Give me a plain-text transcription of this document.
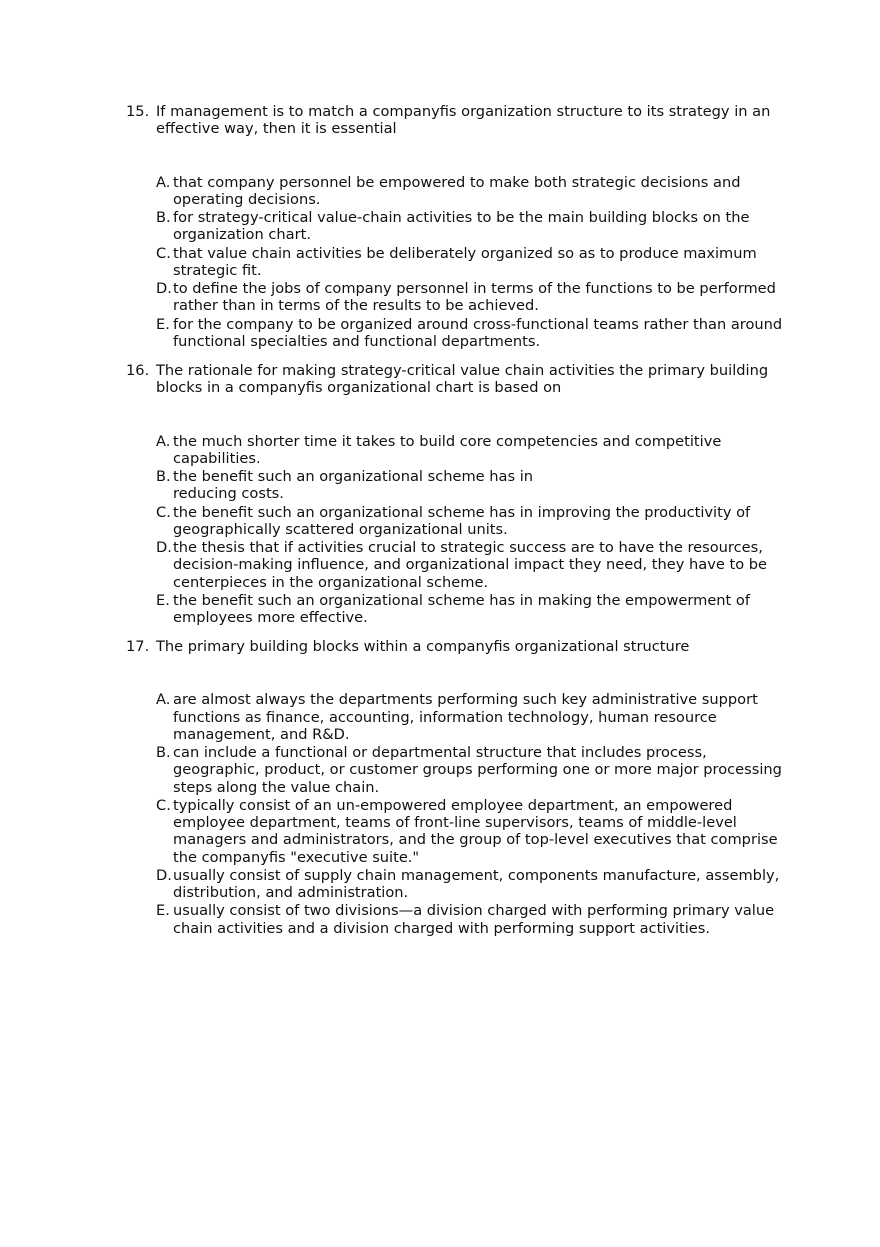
15. If management is to match a companyfis organization structure to its strategy in an effective way, then it is essential
A. that company personnel be empowered to make both strategic decisions and operating decisions.
B. for strategy-critical value-chain activities to be the main building blocks on the organization chart.
C. that value chain activities be deliberately organized so as to produce maximum strategic fit.
D. to define the jobs of company personnel in terms of the functions to be performed rather than in terms of the results to be achieved.
E. for the company to be organized around cross-functional teams rather than around functional specialties and functional departments.
16. The rationale for making strategy-critical value chain activities the primary building blocks in a companyfis organizational chart is based on
A. the much shorter time it takes to build core competencies and competitive capabilities.
B. the benefit such an organizational scheme has in
reducing costs.
C. the benefit such an organizational scheme has in improving the productivity of geographically scattered organizational units.
D. the thesis that if activities crucial to strategic success are to have the resources, decision-making influence, and organizational impact they need, they have to be centerpieces in the organizational scheme.
E. the benefit such an organizational scheme has in making the empowerment of employees more effective.
17. The primary building blocks within a companyfis organizational structure
A. are almost always the departments performing such key administrative support functions as finance, accounting, information technology, human resource management, and R&D.
B. can include a functional or departmental structure that includes process, geographic, product, or customer groups performing one or more major processing steps along the value chain.
C. typically consist of an un-empowered employee department, an empowered employee department, teams of front-line supervisors, teams of middle-level managers and administrators, and the group of top-level executives that comprise the companyfis "executive suite."
D. usually consist of supply chain management, components manufacture, assembly, distribution, and administration.
E. usually consist of two divisions—a division charged with performing primary value chain activities and a division charged with performing support activities.
